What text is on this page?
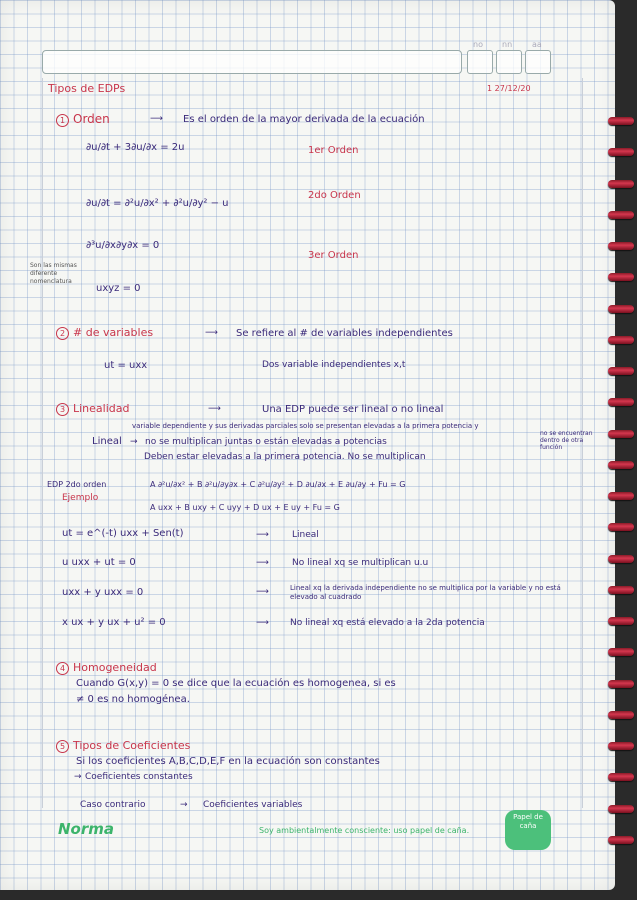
no nn aa
Tipos de EDPs	1 27/12/20
1 Orden	⟶ Es el orden de la mayor derivada de la ecuación
∂u/∂t + 3∂u/∂x = 2u	1er Orden
∂u/∂t = ∂²u/∂x² + ∂²u/∂y² − u
2do Orden
∂³u/∂x∂y∂x = 0
3er Orden
uxyz = 0
Son las mismas diferente nomenclatura
2 # de variables	⟶ Se refiere al # de variables independientes
ut = uxx	Dos variable independientes x,t
3 Linealidad	⟶	Una EDP puede ser lineal o no lineal
variable dependiente y sus derivadas parciales solo se presentan elevadas a la primera potencia y
Lineal → no se multiplican juntas o están elevadas a potencias
no se encuentran dentro de otra función
Deben estar elevadas a la primera potencia. No se multiplican
EDP 2do orden
Ejemplo
A ∂²u/∂x² + B ∂²u/∂y∂x + C ∂²u/∂y² + D ∂u/∂x + E ∂u/∂y + Fu = G
A uxx + B uxy + C uyy + D ux + E uy + Fu = G
ut = e^(-t) uxx + Sen(t)	⟶	Lineal
u uxx + ut = 0	⟶	No lineal xq se multiplican u.u
uxx + y uxx = 0	⟶	Lineal xq la derivada independiente no se multiplica por la variable y no está elevado al cuadrado
x ux + y ux + u² = 0	⟶ No lineal xq está elevado a la 2da potencia
4 Homogeneidad
Cuando G(x,y) = 0 se dice que la ecuación es homogenea, si es
≠ 0 es no homogénea.
5 Tipos de Coeficientes
Si los coeficientes A,B,C,D,E,F en la ecuación son constantes
→ Coeficientes constantes
Caso contrario	→ Coeficientes variables
Norma	Soy ambientalmente consciente: uso papel de caña.
Papel de caña
